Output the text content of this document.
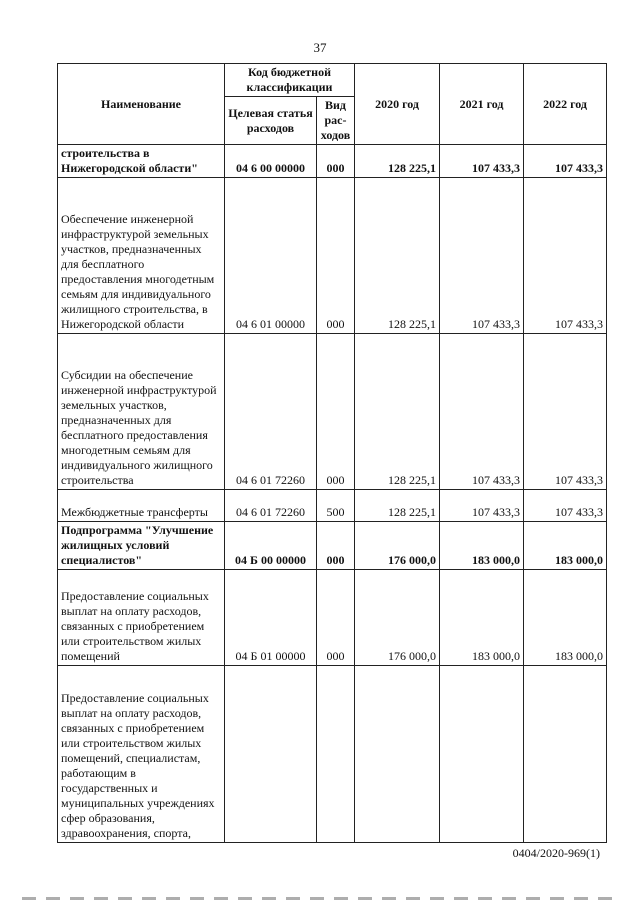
37
Наименование	Код бюджетной классификации		2020 год	2021 год	2022 год
	Целевая статья расходов	Вид рас-ходов			
строительства в Нижегородской области"	04 6 00 00000	000	128 225,1	107 433,3	107 433,3
Обеспечение инженерной инфраструктурой земельных участков, предназначенных для бесплатного предоставления многодетным семьям для индивидуального жилищного строительства, в Нижегородской области	04 6 01 00000	000	128 225,1	107 433,3	107 433,3
Субсидии на обеспечение инженерной инфраструктурой земельных участков, предназначенных для бесплатного предоставления многодетным семьям для индивидуального жилищного строительства	04 6 01 72260	000	128 225,1	107 433,3	107 433,3
Межбюджетные трансферты	04 6 01 72260	500	128 225,1	107 433,3	107 433,3
Подпрограмма "Улучшение жилищных условий специалистов"	04 Б 00 00000	000	176 000,0	183 000,0	183 000,0
Предоставление социальных выплат на оплату расходов, связанных с приобретением или строительством жилых помещений	04 Б 01 00000	000	176 000,0	183 000,0	183 000,0
Предоставление социальных выплат на оплату расходов, связанных с приобретением или строительством жилых помещений, специалистам, работающим в государственных и муниципальных учреждениях сфер образования, здравоохранения, спорта,					
0404/2020-969(1)
